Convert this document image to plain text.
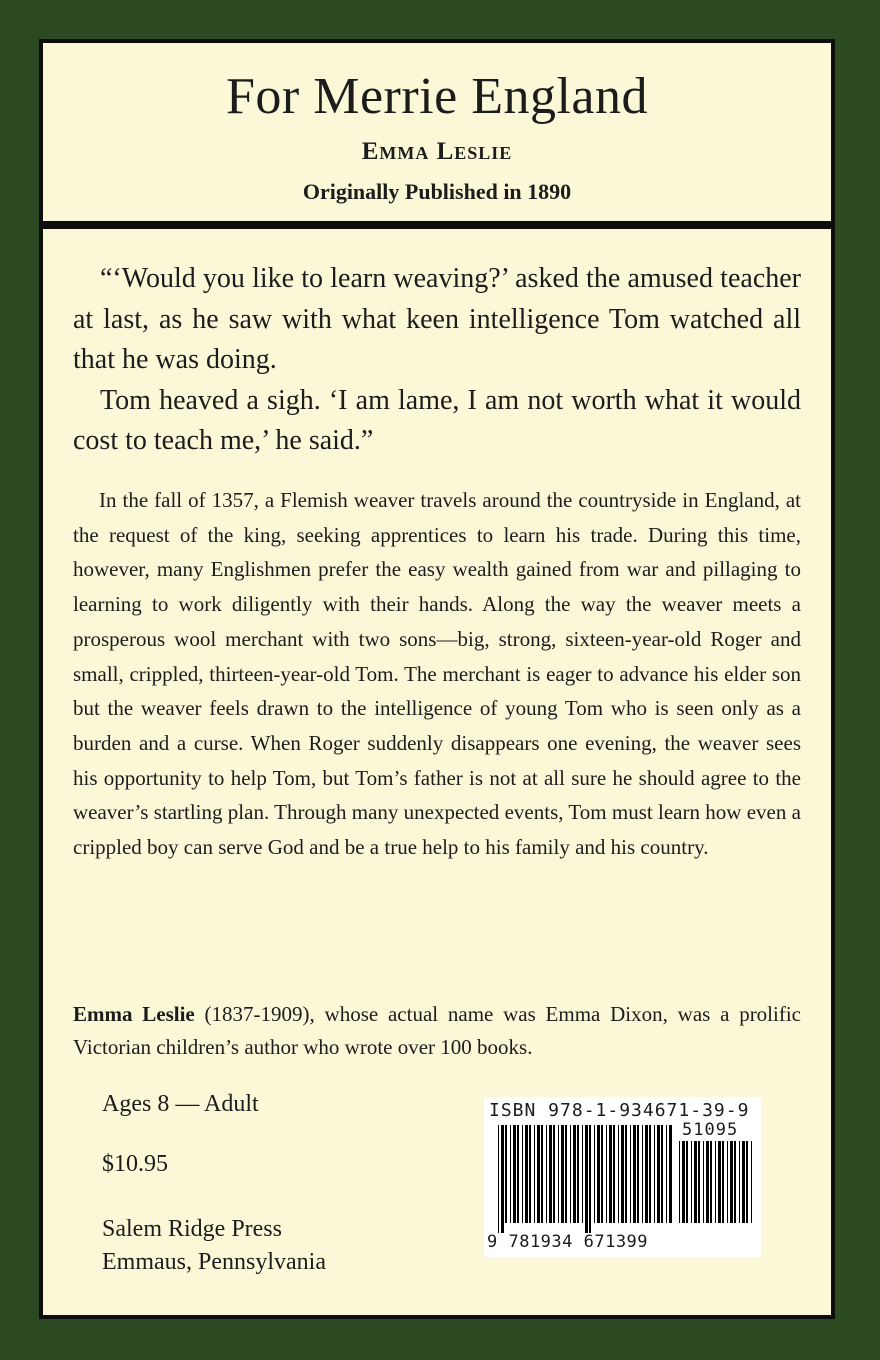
For Merrie England
Emma Leslie
Originally Published in 1890

“‘Would you like to learn weaving?’ asked the amused teacher at last, as he saw with what keen intelligence Tom watched all that he was doing.

Tom heaved a sigh. ‘I am lame, I am not worth what it would cost to teach me,’ he said.”

In the fall of 1357, a Flemish weaver travels around the countryside in England, at the request of the king, seeking apprentices to learn his trade. During this time, however, many Englishmen prefer the easy wealth gained from war and pillaging to learning to work diligently with their hands. Along the way the weaver meets a prosperous wool merchant with two sons—big, strong, sixteen-year-old Roger and small, crippled, thirteen-year-old Tom. The merchant is eager to advance his elder son but the weaver feels drawn to the intelligence of young Tom who is seen only as a burden and a curse. When Roger suddenly disappears one evening, the weaver sees his opportunity to help Tom, but Tom’s father is not at all sure he should agree to the weaver’s startling plan. Through many unexpected events, Tom must learn how even a crippled boy can serve God and be a true help to his family and his country.

Emma Leslie (1837-1909), whose actual name was Emma Dixon, was a prolific Victorian children’s author who wrote over 100 books.

Ages 8 — Adult
$10.95
Salem Ridge Press
Emmaus, Pennsylvania
ISBN 978-1-934671-39-9
51095
9 781934 671399
